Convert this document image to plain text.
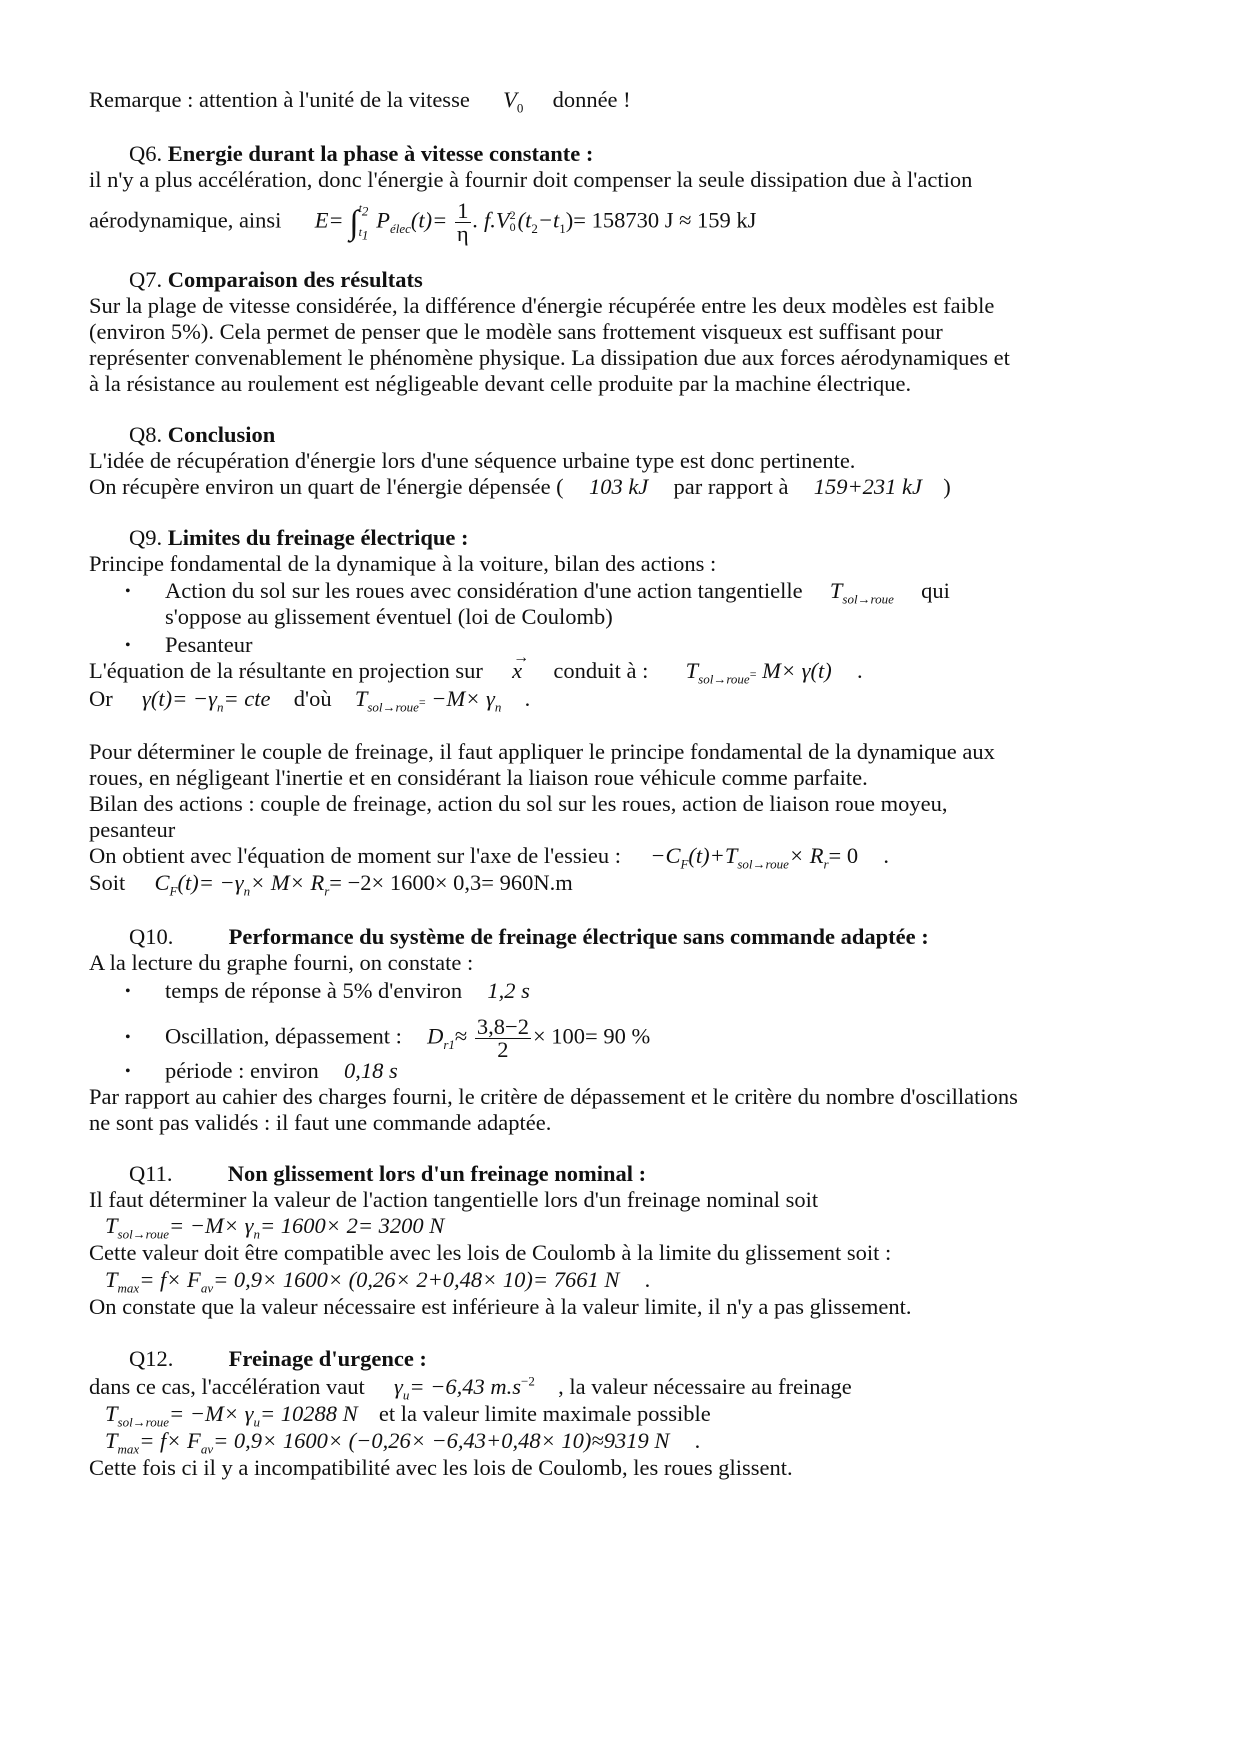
Remarque : attention à l'unité de la vitesse $V_0$ donnée !
Q6. Energie durant la phase à vitesse constante :
il n'y a plus accélération, donc l'énergie à fournir doit compenser la seule dissipation due à l'action
aérodynamique, ainsi E= ∫ $t_2$
$t_1$
$P_{élec}(t)= \frac{1}{\eta}$ . f.V 2
0 $(t_2-t_1)= 158730$ J ≈ 159 kJ
Q7. Comparaison des résultats
Sur la plage de vitesse considérée, la différence d'énergie récupérée entre les deux modèles est faible
(environ 5%). Cela permet de penser que le modèle sans frottement visqueux est suffisant pour
représenter convenablement le phénomène physique. La dissipation due aux forces aérodynamiques et
à la résistance au roulement est négligeable devant celle produite par la machine électrique.
Q8. Conclusion
L'idée de récupération d'énergie lors d'une séquence urbaine type est donc pertinente.
On récupère environ un quart de l'énergie dépensée ( 103 kJ par rapport à 159+231 kJ )
Q9. Limites du freinage électrique :
Principe fondamental de la dynamique à la voiture, bilan des actions :
• Action du sol sur les roues avec considération d'une action tangentielle $T_{sol\to roue}$ qui
s'oppose au glissement éventuel (loi de Coulomb)
• Pesanteur
L'équation de la résultante en projection sur
→
x conduit à : $T_{sol\to roue}= M\times \gamma(t)$ .
Or $\gamma(t)= -\gamma_n=$ cte d'où $T_{sol\to roue}= -M\times \gamma_n$ .
Pour déterminer le couple de freinage, il faut appliquer le principe fondamental de la dynamique aux
roues, en négligeant l'inertie et en considérant la liaison roue véhicule comme parfaite.
Bilan des actions : couple de freinage, action du sol sur les roues, action de liaison roue moyeu,
pesanteur
On obtient avec l'équation de moment sur l'axe de l'essieu : $-C_F(t)+T_{sol\to roue}\times R_r= 0$ .
Soit $C_F(t)= -\gamma_n\times M\times R_r= -2\times 1600\times 0,3= 960N.m$
Q10. Performance du système de freinage électrique sans commande adaptée :
A la lecture du graphe fourni, on constate :
• temps de réponse à 5% d'environ 1,2 s
• Oscillation, dépassement : $D_{r1}\approx \frac{3,8-2}{2} \times 100= 90$ %
• période : environ 0,18 s
Par rapport au cahier des charges fourni, le critère de dépassement et le critère du nombre d'oscillations
ne sont pas validés : il faut une commande adaptée.
Q11. Non glissement lors d'un freinage nominal :
Il faut déterminer la valeur de l'action tangentielle lors d'un freinage nominal soit
$T_{sol\to roue}= -M\times \gamma_n= 1600\times 2= 3200$ N
Cette valeur doit être compatible avec les lois de Coulomb à la limite du glissement soit :
$T_{max}= f\times F_{av}= 0,9\times 1600\times (0,26\times 2+0,48\times 10)= 7661$ N .
On constate que la valeur nécessaire est inférieure à la valeur limite, il n'y a pas glissement.
Q12. Freinage d'urgence :
dans ce cas, l'accélération vaut $\gamma_u= -6,43$ $m.s^{-2}$ , la valeur nécessaire au freinage
$T_{sol\to roue}= -M\times \gamma_u= 10288$ N et la valeur limite maximale possible
$T_{max}= f\times F_{av}= 0,9\times 1600\times (-0,26\times -6,43+0,48\times 10)\approx 9319$ N .
Cette fois ci il y a incompatibilité avec les lois de Coulomb, les roues glissent.
